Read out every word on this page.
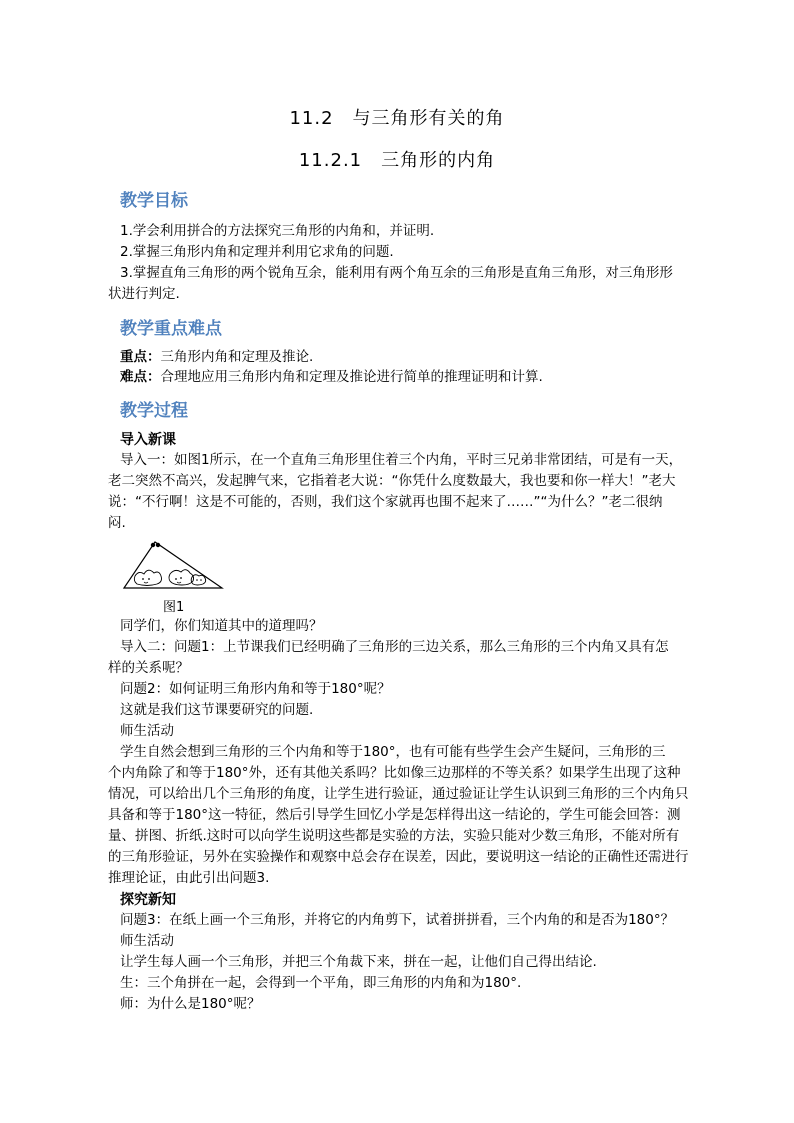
11.2　与三角形有关的角
11.2.1　三角形的内角
教学目标
1.学会利用拼合的方法探究三角形的内角和，并证明.
2.掌握三角形内角和定理并利用它求角的问题.
3.掌握直角三角形的两个锐角互余，能利用有两个角互余的三角形是直角三角形，对三角形形
状进行判定.
教学重点难点
重点：三角形内角和定理及推论.
难点：合理地应用三角形内角和定理及推论进行简单的推理证明和计算.
教学过程
导入新课
导入一：如图1所示，在一个直角三角形里住着三个内角，平时三兄弟非常团结，可是有一天，
老二突然不高兴，发起脾气来，它指着老大说：“你凭什么度数最大，我也要和你一样大！”老大
说：“不行啊！这是不可能的，否则，我们这个家就再也围不起来了……”“为什么？”老二很纳
闷.
图1
同学们，你们知道其中的道理吗？
导入二：问题1：上节课我们已经明确了三角形的三边关系，那么三角形的三个内角又具有怎
样的关系呢？
问题2：如何证明三角形内角和等于180°呢？
这就是我们这节课要研究的问题.
师生活动
学生自然会想到三角形的三个内角和等于180°，也有可能有些学生会产生疑问，三角形的三
个内角除了和等于180°外，还有其他关系吗？比如像三边那样的不等关系？如果学生出现了这种
情况，可以给出几个三角形的角度，让学生进行验证，通过验证让学生认识到三角形的三个内角只
具备和等于180°这一特征，然后引导学生回忆小学是怎样得出这一结论的，学生可能会回答：测
量、拼图、折纸.这时可以向学生说明这些都是实验的方法，实验只能对少数三角形，不能对所有
的三角形验证，另外在实验操作和观察中总会存在误差，因此，要说明这一结论的正确性还需进行
推理论证，由此引出问题3.
探究新知
问题3：在纸上画一个三角形，并将它的内角剪下，试着拼拼看，三个内角的和是否为180°？
师生活动
让学生每人画一个三角形，并把三个角裁下来，拼在一起，让他们自己得出结论.
生：三个角拼在一起，会得到一个平角，即三角形的内角和为180°.
师：为什么是180°呢？
